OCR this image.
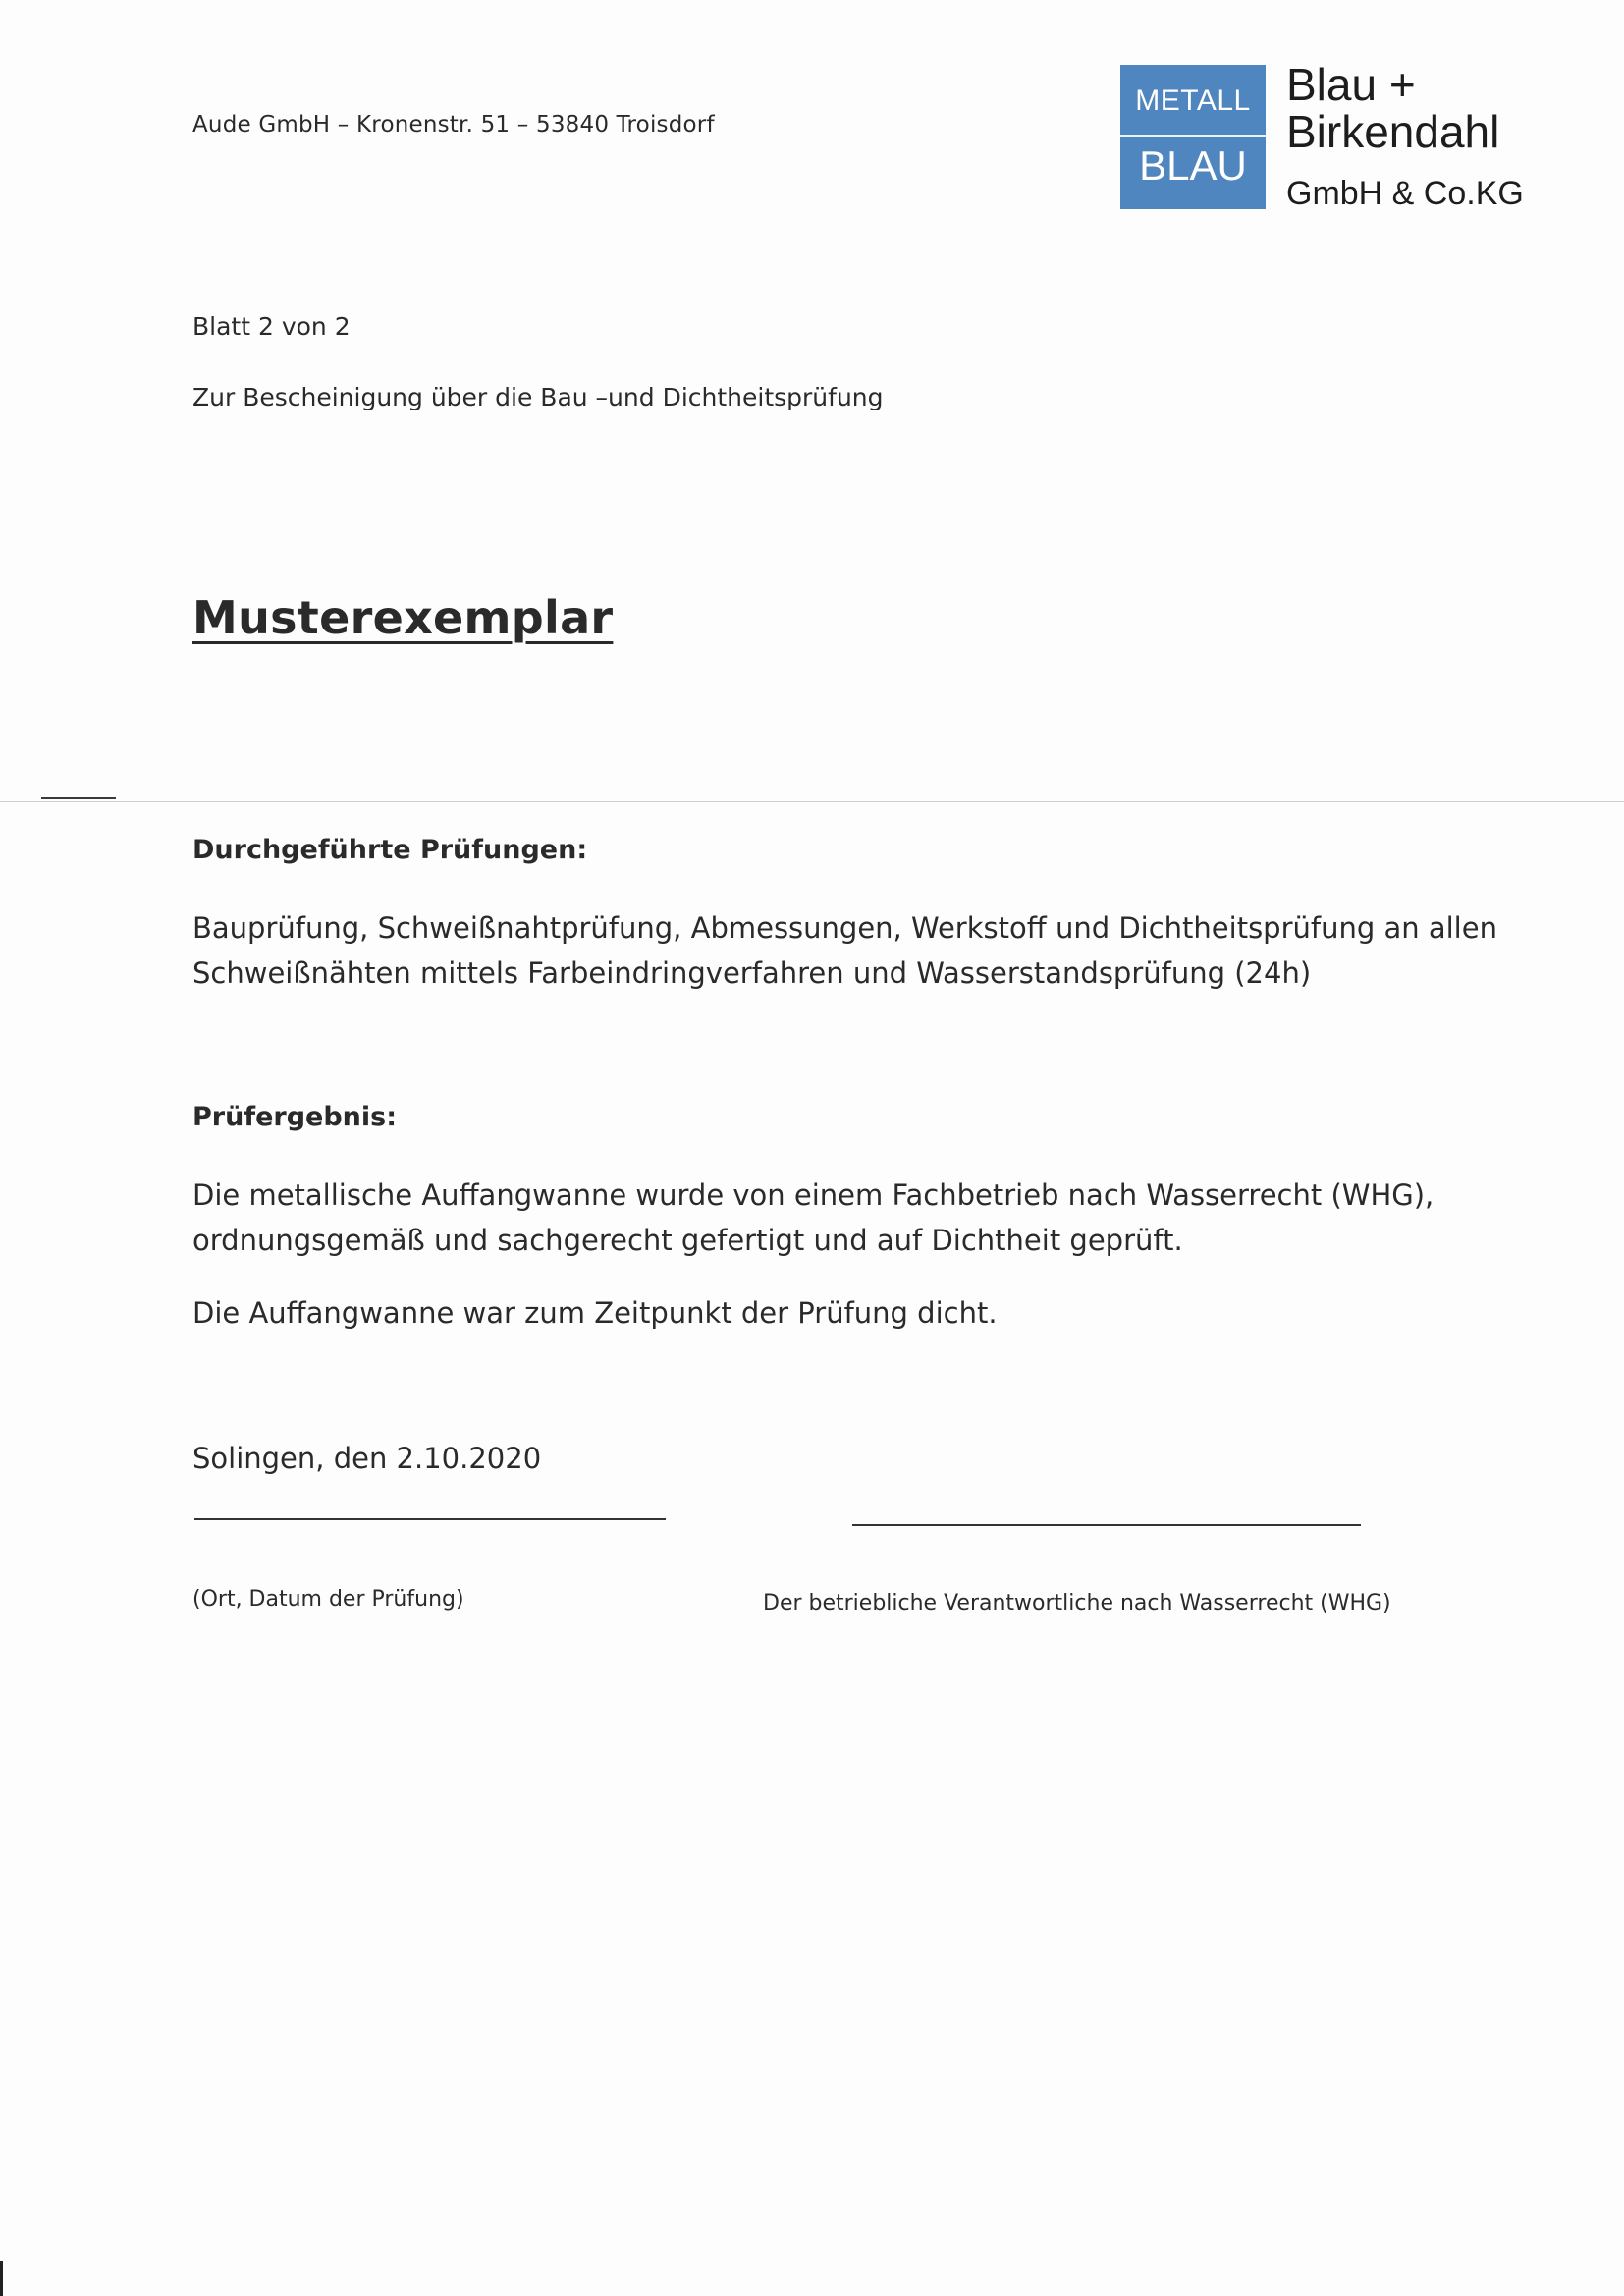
Aude GmbH – Kronenstr. 51 – 53840 Troisdorf
METALL
BLAU
Blau +
Birkendahl
GmbH & Co.KG
Blatt 2 von 2
Zur Bescheinigung über die Bau –und Dichtheitsprüfung
Musterexemplar
Durchgeführte Prüfungen:
Bauprüfung, Schweißnahtprüfung, Abmessungen, Werkstoff und Dichtheitsprüfung an allen
Schweißnähten mittels Farbeindringverfahren und Wasserstandsprüfung (24h)
Prüfergebnis:
Die metallische Auffangwanne wurde von einem Fachbetrieb nach Wasserrecht (WHG),
ordnungsgemäß und sachgerecht gefertigt und auf Dichtheit geprüft.
Die Auffangwanne war zum Zeitpunkt der Prüfung dicht.
Solingen, den 2.10.2020
(Ort, Datum der Prüfung)	Der betriebliche Verantwortliche nach Wasserrecht (WHG)
